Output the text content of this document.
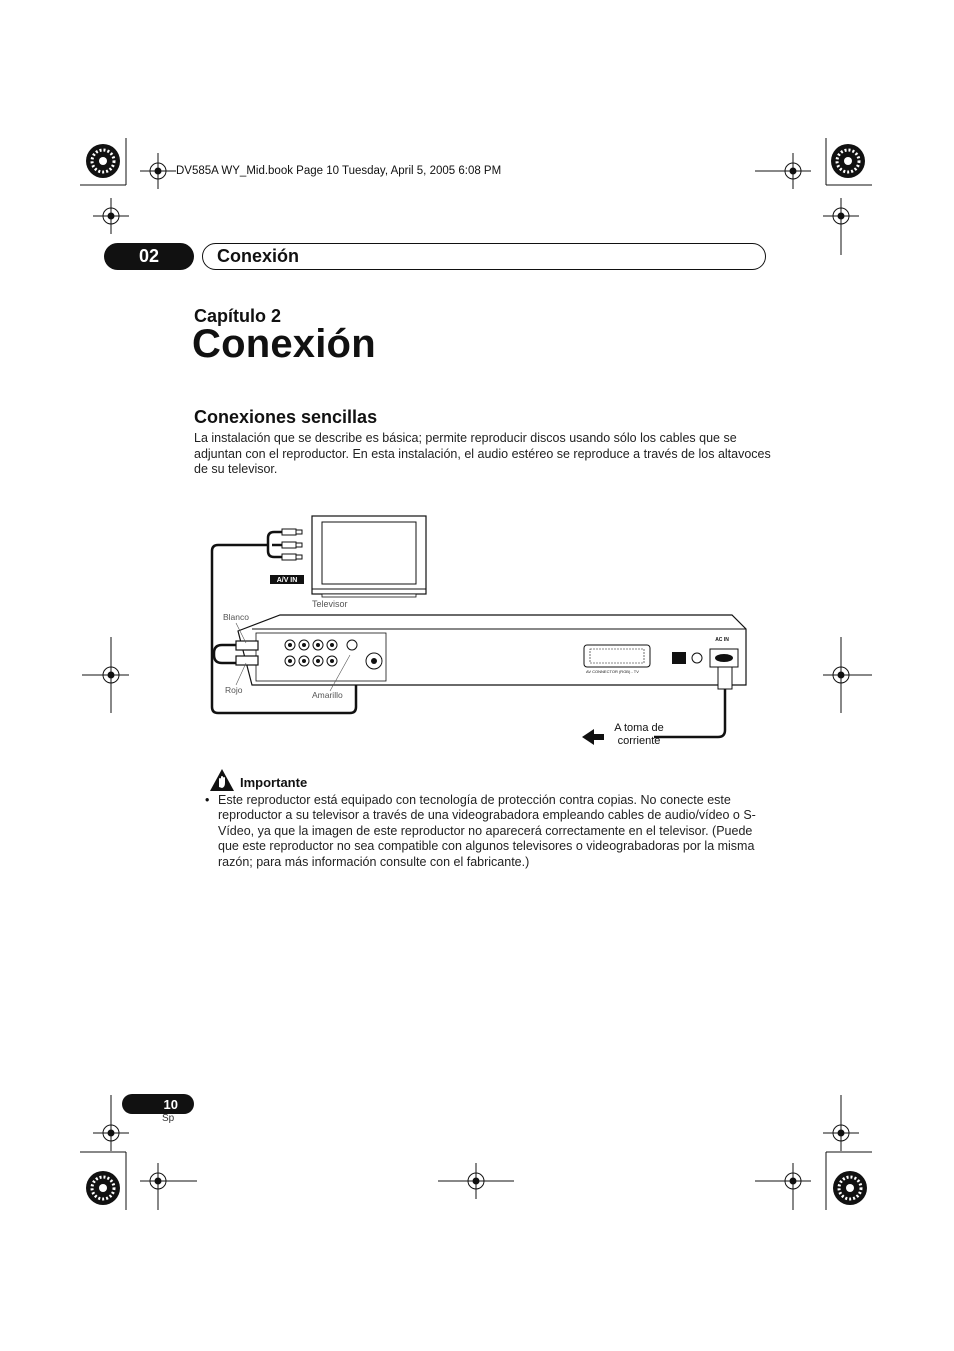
DV585A WY_Mid.book Page 10 Tuesday, April 5, 2005 6:08 PM
02	Conexión
Capítulo 2
Conexión
Conexiones sencillas
La instalación que se describe es básica; permite reproducir discos usando sólo los cables que se adjuntan con el reproductor. En esta instalación, el audio estéreo se reproduce a través de los altavoces de su televisor.
Televisor
A/V IN
AC IN
AV CONNECTOR (RGB) - TV
Blanco
Rojo	Amarillo
A toma de corriente
Importante
• Este reproductor está equipado con tecnología de protección contra copias. No conecte este reproductor a su televisor a través de una videograbadora empleando cables de audio/vídeo o S-Vídeo, ya que la imagen de este reproductor no aparecerá correctamente en el televisor. (Puede que este reproductor no sea compatible con algunos televisores o videograbadoras por la misma razón; para más información consulte con el fabricante.)
10
Sp
